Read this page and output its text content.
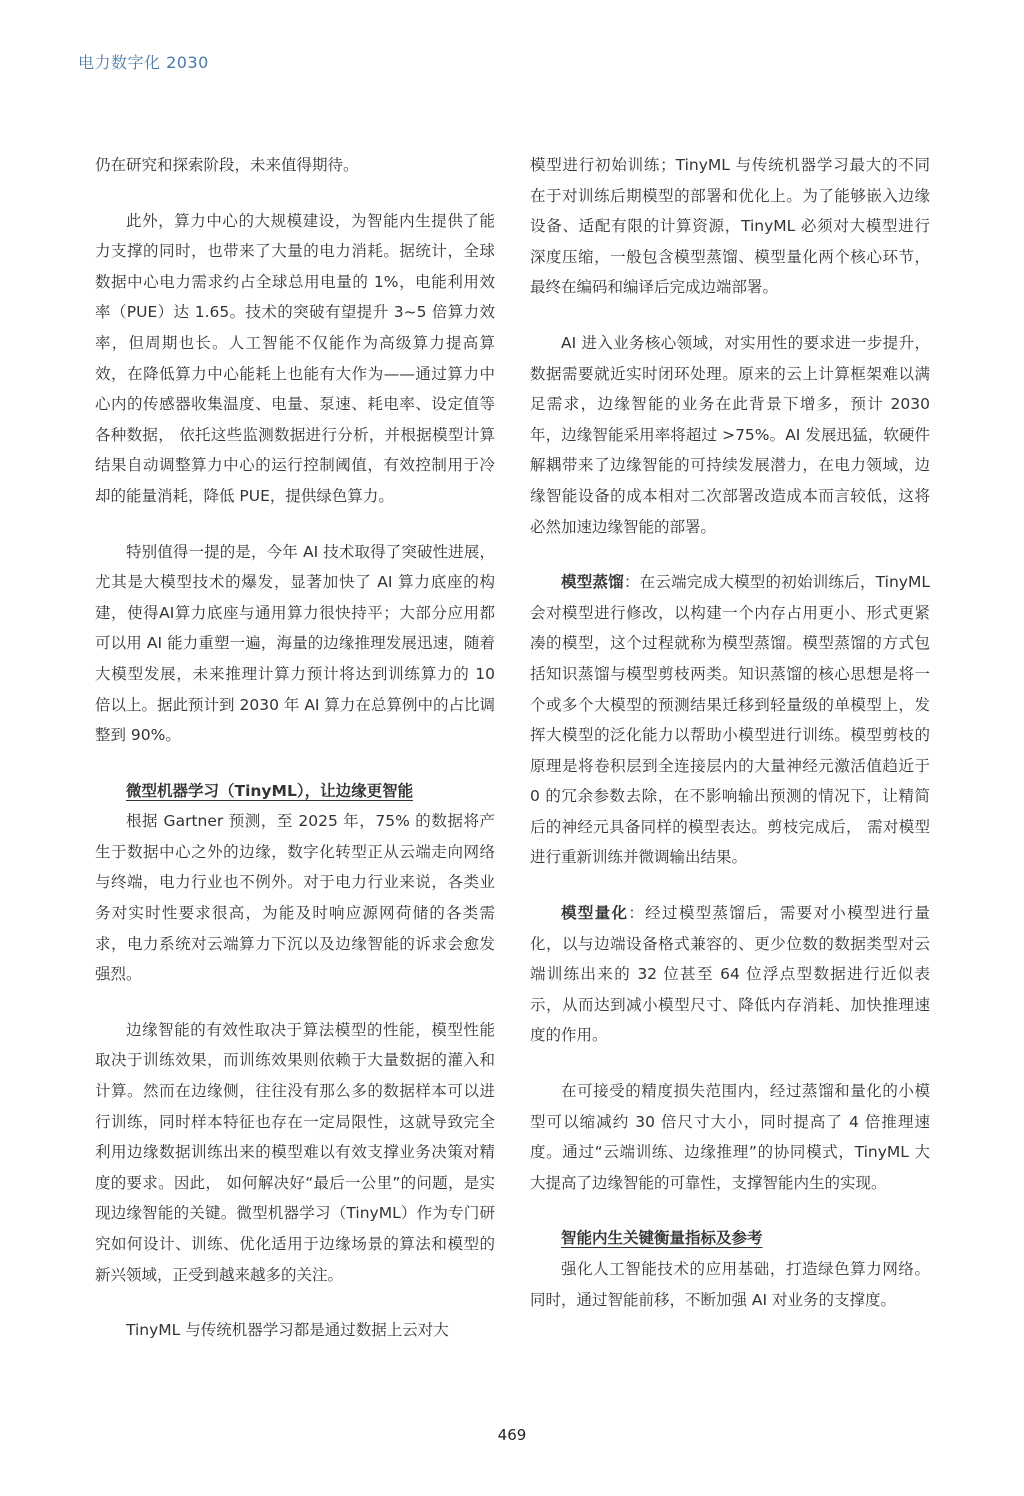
电力数字化 2030

仍在研究和探索阶段，未来值得期待。

此外，算力中心的大规模建设，为智能内生提供了能力支撑的同时，也带来了大量的电力消耗。据统计，全球数据中心电力需求约占全球总用电量的 1%，电能利用效率（PUE）达 1.65。技术的突破有望提升 3~5 倍算力效率，但周期也长。人工智能不仅能作为高级算力提高算效，在降低算力中心能耗上也能有大作为——通过算力中心内的传感器收集温度、电量、泵速、耗电率、设定值等各种数据， 依托这些监测数据进行分析，并根据模型计算结果自动调整算力中心的运行控制阈值，有效控制用于冷却的能量消耗，降低 PUE，提供绿色算力。

特别值得一提的是，今年 AI 技术取得了突破性进展，尤其是大模型技术的爆发，显著加快了 AI 算力底座的构建，使得AI算力底座与通用算力很快持平；大部分应用都可以用 AI 能力重塑一遍，海量的边缘推理发展迅速，随着大模型发展，未来推理计算力预计将达到训练算力的 10 倍以上。据此预计到 2030 年 AI 算力在总算例中的占比调整到 90%。

微型机器学习（TinyML），让边缘更智能

根据 Gartner 预测，至 2025 年，75% 的数据将产生于数据中心之外的边缘，数字化转型正从云端走向网络与终端，电力行业也不例外。对于电力行业来说，各类业务对实时性要求很高，为能及时响应源网荷储的各类需求，电力系统对云端算力下沉以及边缘智能的诉求会愈发强烈。

边缘智能的有效性取决于算法模型的性能，模型性能取决于训练效果，而训练效果则依赖于大量数据的灌入和计算。然而在边缘侧，往往没有那么多的数据样本可以进行训练，同时样本特征也存在一定局限性，这就导致完全利用边缘数据训练出来的模型难以有效支撑业务决策对精度的要求。因此， 如何解决好“最后一公里”的问题，是实现边缘智能的关键。微型机器学习（TinyML）作为专门研究如何设计、训练、优化适用于边缘场景的算法和模型的新兴领域，正受到越来越多的关注。

TinyML 与传统机器学习都是通过数据上云对大

模型进行初始训练；TinyML 与传统机器学习最大的不同在于对训练后期模型的部署和优化上。为了能够嵌入边缘设备、适配有限的计算资源，TinyML 必须对大模型进行深度压缩，一般包含模型蒸馏、模型量化两个核心环节，最终在编码和编译后完成边端部署。

AI 进入业务核心领域，对实用性的要求进一步提升，数据需要就近实时闭环处理。原来的云上计算框架难以满足需求，边缘智能的业务在此背景下增多，预计 2030 年，边缘智能采用率将超过 >75%。AI 发展迅猛，软硬件解耦带来了边缘智能的可持续发展潜力，在电力领域，边缘智能设备的成本相对二次部署改造成本而言较低，这将必然加速边缘智能的部署。

模型蒸馏：在云端完成大模型的初始训练后，TinyML 会对模型进行修改，以构建一个内存占用更小、形式更紧凑的模型，这个过程就称为模型蒸馏。模型蒸馏的方式包括知识蒸馏与模型剪枝两类。知识蒸馏的核心思想是将一个或多个大模型的预测结果迁移到轻量级的单模型上，发挥大模型的泛化能力以帮助小模型进行训练。模型剪枝的原理是将卷积层到全连接层内的大量神经元激活值趋近于 0 的冗余参数去除，在不影响输出预测的情况下，让精简后的神经元具备同样的模型表达。剪枝完成后， 需对模型进行重新训练并微调输出结果。

模型量化：经过模型蒸馏后，需要对小模型进行量化，以与边端设备格式兼容的、更少位数的数据类型对云端训练出来的 32 位甚至 64 位浮点型数据进行近似表示，从而达到减小模型尺寸、降低内存消耗、加快推理速度的作用。

在可接受的精度损失范围内，经过蒸馏和量化的小模型可以缩减约 30 倍尺寸大小，同时提高了 4 倍推理速度。通过“云端训练、边缘推理”的协同模式，TinyML 大大提高了边缘智能的可靠性，支撑智能内生的实现。

智能内生关键衡量指标及参考

强化人工智能技术的应用基础，打造绿色算力网络。同时，通过智能前移，不断加强 AI 对业务的支撑度。

469
